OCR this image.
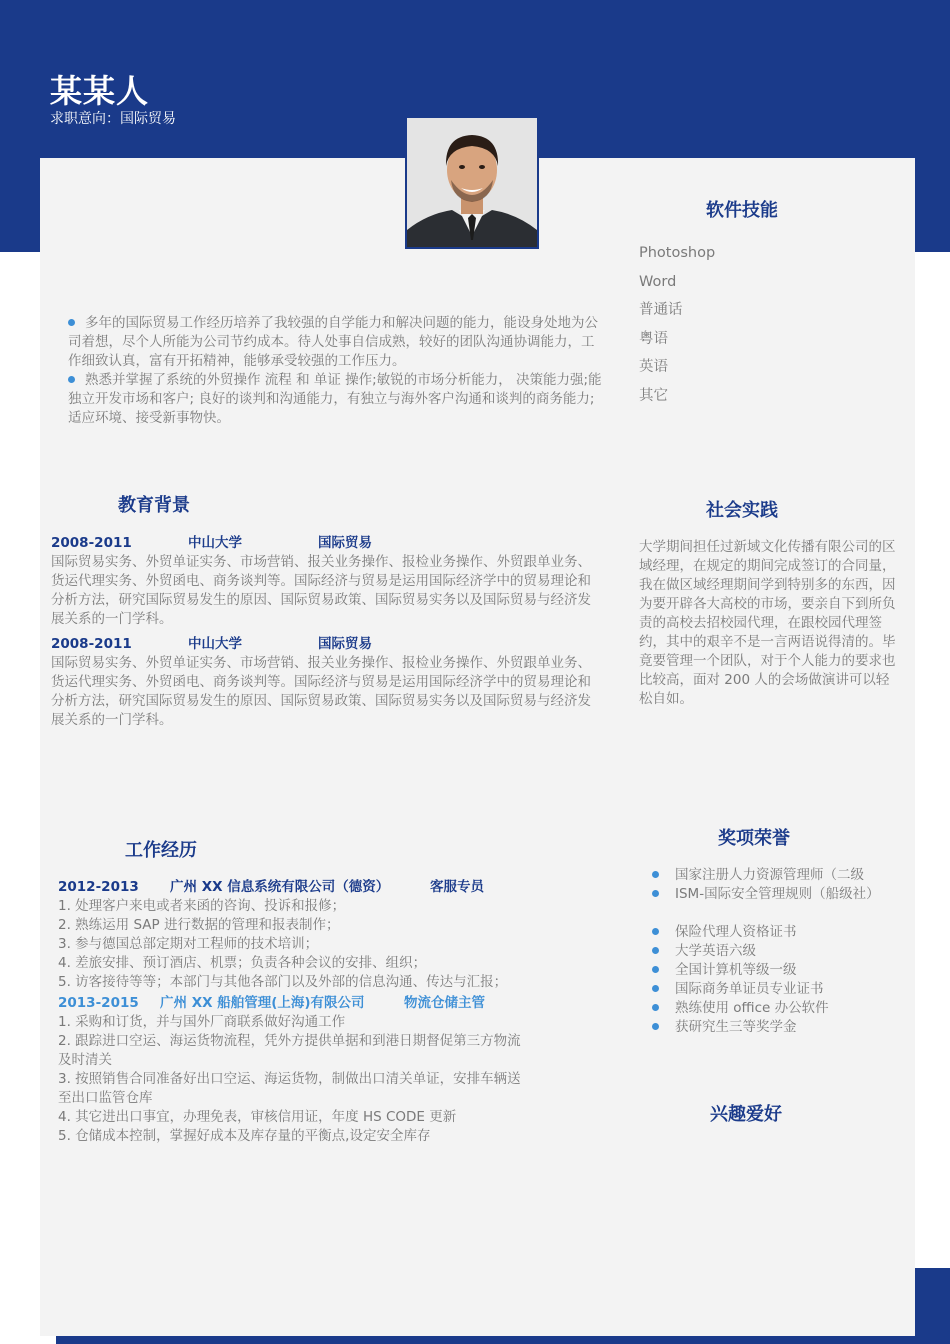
某某人
求职意向：国际贸易

多年的国际贸易工作经历培养了我较强的自学能力和解决问题的能力，能设身处地为公司着想，尽个人所能为公司节约成本。待人处事自信成熟，较好的团队沟通协调能力，工作细致认真，富有开拓精神，能够承受较强的工作压力。

熟悉并掌握了系统的外贸操作 流程 和 单证 操作;敏锐的市场分析能力， 决策能力强;能独立开发市场和客户; 良好的谈判和沟通能力，有独立与海外客户沟通和谈判的商务能力; 适应环境、接受新事物快。

软件技能
Photoshop
Word
普通话
粤语
英语
其它
教育背景
2008-2011	中山大学	国际贸易
国际贸易实务、外贸单证实务、市场营销、报关业务操作、报检业务操作、外贸跟单业务、货运代理实务、外贸函电、商务谈判等。国际经济与贸易是运用国际经济学中的贸易理论和分析方法，研究国际贸易发生的原因、国际贸易政策、国际贸易实务以及国际贸易与经济发展关系的一门学科。
2008-2011	中山大学	国际贸易
国际贸易实务、外贸单证实务、市场营销、报关业务操作、报检业务操作、外贸跟单业务、货运代理实务、外贸函电、商务谈判等。国际经济与贸易是运用国际经济学中的贸易理论和分析方法，研究国际贸易发生的原因、国际贸易政策、国际贸易实务以及国际贸易与经济发展关系的一门学科。
社会实践

大学期间担任过新域文化传播有限公司的区域经理，在规定的期间完成签订的合同量，我在做区域经理期间学到特别多的东西，因为要开辟各大高校的市场，要亲自下到所负责的高校去招校园代理，在跟校园代理签约，其中的艰辛不是一言两语说得清的。毕竟要管理一个团队，对于个人能力的要求也比较高，面对 200 人的会场做演讲可以轻松自如。

工作经历
2012-2013 广州 XX 信息系统有限公司（德资）	客服专员

1. 处理客户来电或者来函的咨询、投诉和报修；

2. 熟练运用 SAP 进行数据的管理和报表制作；

3. 参与德国总部定期对工程师的技术培训；

4. 差旅安排、预订酒店、机票；负责各种会议的安排、组织；

5. 访客接待等等；本部门与其他各部门以及外部的信息沟通、传达与汇报；

2013-2015 广州 XX 船舶管理(上海)有限公司	物流仓储主管

1. 采购和订货，并与国外厂商联系做好沟通工作

2. 跟踪进口空运、海运货物流程，凭外方提供单据和到港日期督促第三方物流及时清关

3. 按照销售合同准备好出口空运、海运货物，制做出口清关单证，安排车辆送至出口监管仓库

4. 其它进出口事宜，办理免表，审核信用证，年度 HS CODE 更新

5. 仓储成本控制，掌握好成本及库存量的平衡点,设定安全库存

奖项荣誉
国家注册人力资源管理师（二级
ISM-国际安全管理规则（船级社）
保险代理人资格证书
大学英语六级
全国计算机等级一级
国际商务单证员专业证书
熟练使用 office 办公软件
获研究生三等奖学金
兴趣爱好
